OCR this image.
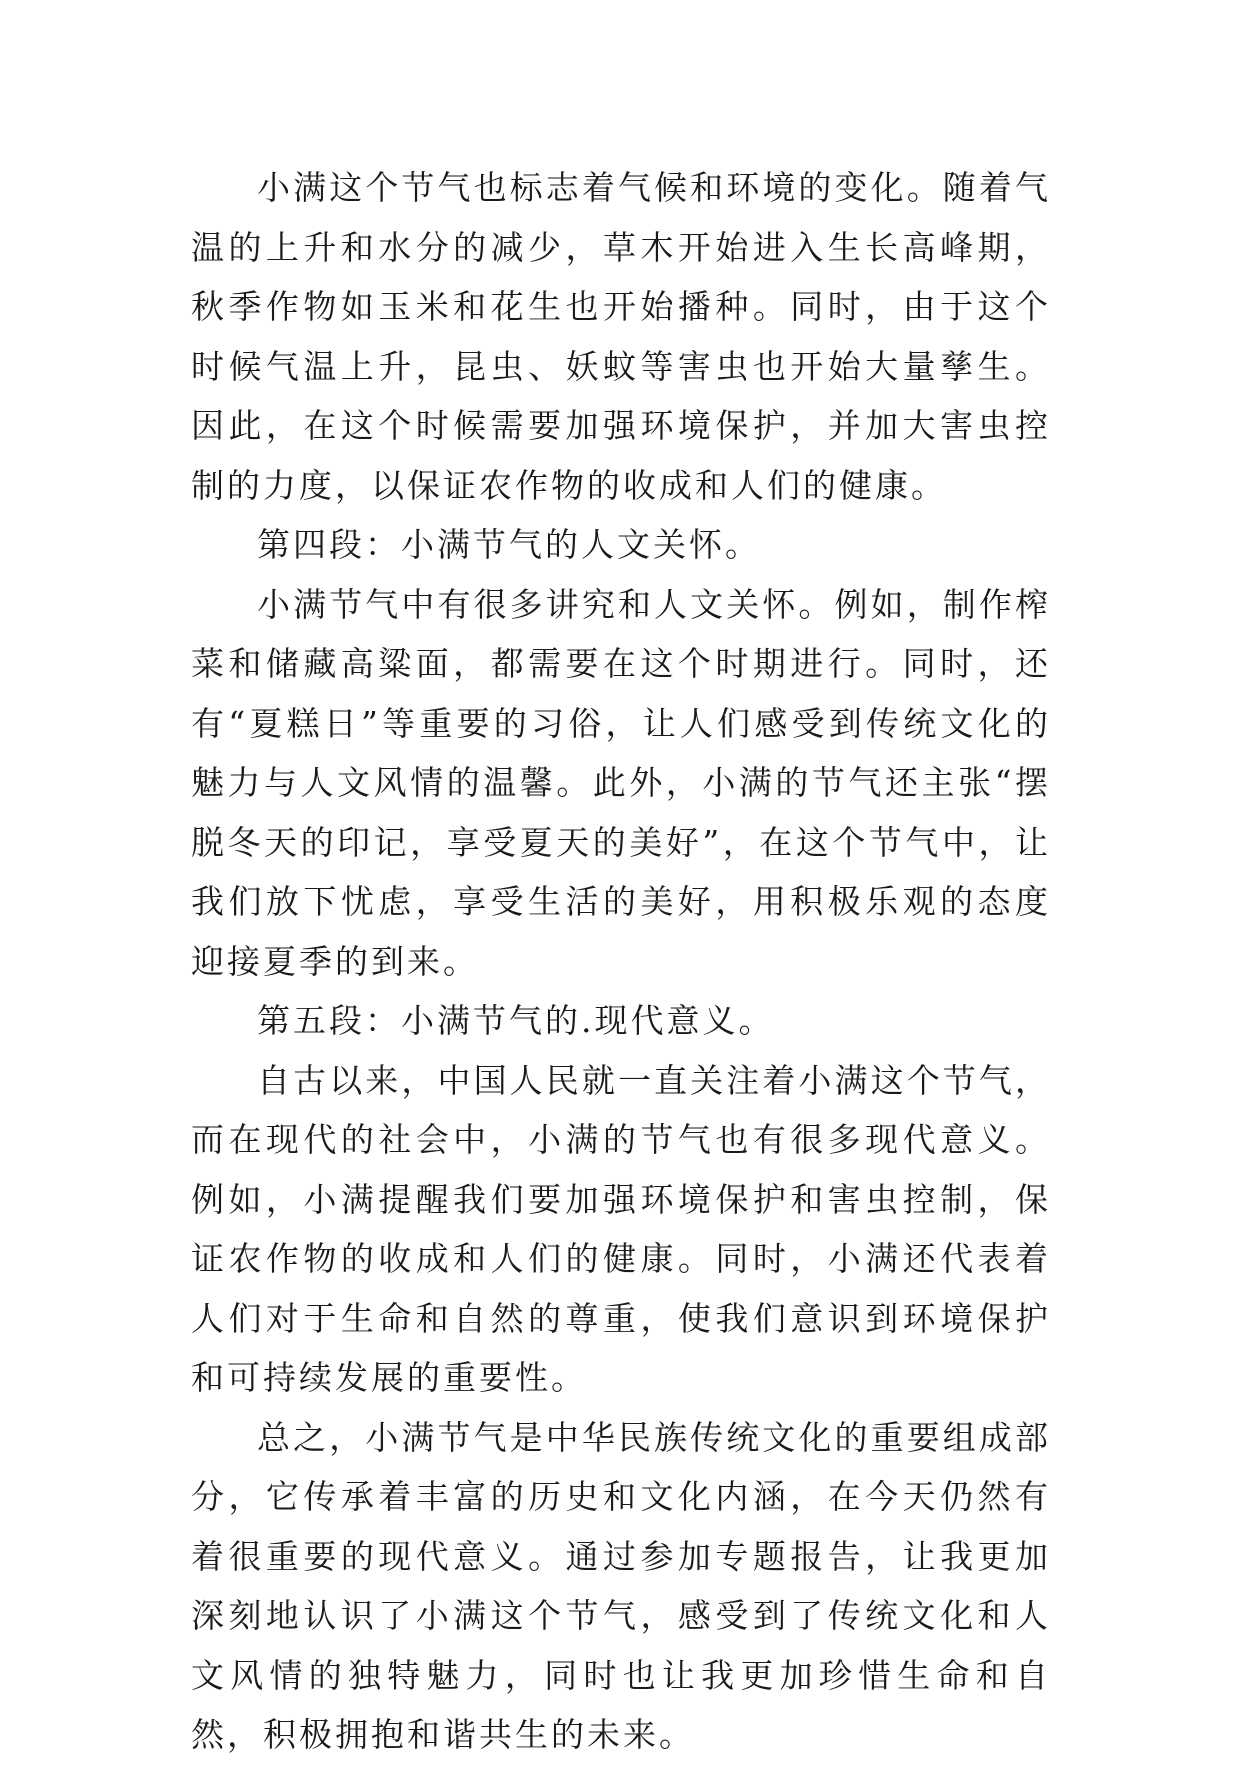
小满这个节气也标志着气候和环境的变化。随着气温的上升和水分的减少，草木开始进入生长高峰期，秋季作物如玉米和花生也开始播种。同时，由于这个时候气温上升，昆虫、妖蚊等害虫也开始大量孳生。因此，在这个时候需要加强环境保护，并加大害虫控制的力度，以保证农作物的收成和人们的健康。

第四段：小满节气的人文关怀。

小满节气中有很多讲究和人文关怀。例如，制作榨菜和储藏高粱面，都需要在这个时期进行。同时，还有“夏糕日”等重要的习俗，让人们感受到传统文化的魅力与人文风情的温馨。此外，小满的节气还主张“摆脱冬天的印记，享受夏天的美好”，在这个节气中，让我们放下忧虑，享受生活的美好，用积极乐观的态度迎接夏季的到来。

第五段：小满节气的.现代意义。

自古以来，中国人民就一直关注着小满这个节气，而在现代的社会中，小满的节气也有很多现代意义。例如，小满提醒我们要加强环境保护和害虫控制，保证农作物的收成和人们的健康。同时，小满还代表着人们对于生命和自然的尊重，使我们意识到环境保护和可持续发展的重要性。

总之，小满节气是中华民族传统文化的重要组成部分，它传承着丰富的历史和文化内涵，在今天仍然有着很重要的现代意义。通过参加专题报告，让我更加深刻地认识了小满这个节气，感受到了传统文化和人文风情的独特魅力，同时也让我更加珍惜生命和自然，积极拥抱和谐共生的未来。
